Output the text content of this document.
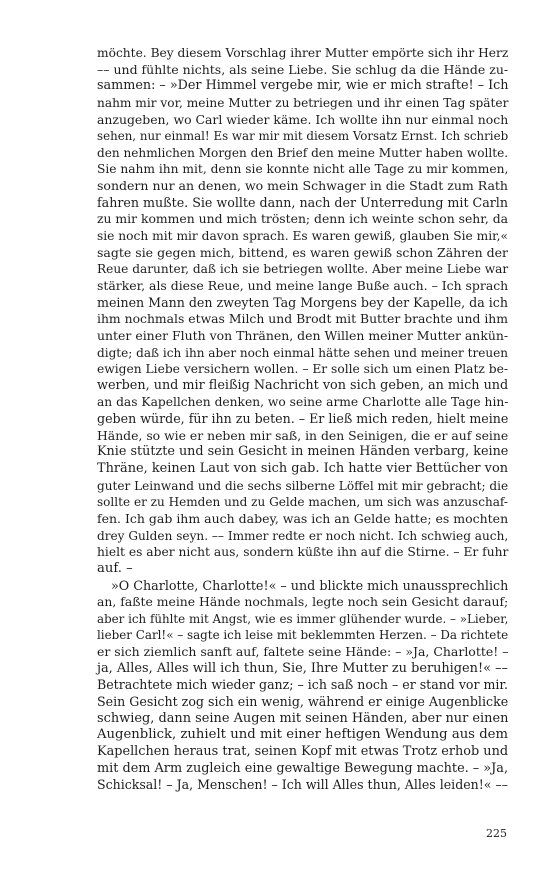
möchte. Bey diesem Vorschlag ihrer Mutter empörte sich ihr Herz
–– und fühlte nichts, als seine Liebe. Sie schlug da die Hände zu-
sammen: – »Der Himmel vergebe mir, wie er mich strafte! – Ich
nahm mir vor, meine Mutter zu betriegen und ihr einen Tag später
anzugeben, wo Carl wieder käme. Ich wollte ihn nur einmal noch
sehen, nur einmal! Es war mir mit diesem Vorsatz Ernst. Ich schrieb
den nehmlichen Morgen den Brief den meine Mutter haben wollte.
Sie nahm ihn mit, denn sie konnte nicht alle Tage zu mir kommen,
sondern nur an denen, wo mein Schwager in die Stadt zum Rath
fahren mußte. Sie wollte dann, nach der Unterredung mit Carln
zu mir kommen und mich trösten; denn ich weinte schon sehr, da
sie noch mit mir davon sprach. Es waren gewiß, glauben Sie mir,«
sagte sie gegen mich, bittend, es waren gewiß schon Zähren der
Reue darunter, daß ich sie betriegen wollte. Aber meine Liebe war
stärker, als diese Reue, und meine lange Buße auch. – Ich sprach
meinen Mann den zweyten Tag Morgens bey der Kapelle, da ich
ihm nochmals etwas Milch und Brodt mit Butter brachte und ihm
unter einer Fluth von Thränen, den Willen meiner Mutter ankün-
digte; daß ich ihn aber noch einmal hätte sehen und meiner treuen
ewigen Liebe versichern wollen. – Er solle sich um einen Platz be-
werben, und mir fleißig Nachricht von sich geben, an mich und
an das Kapellchen denken, wo seine arme Charlotte alle Tage hin-
geben würde, für ihn zu beten. – Er ließ mich reden, hielt meine
Hände, so wie er neben mir saß, in den Seinigen, die er auf seine
Knie stützte und sein Gesicht in meinen Händen verbarg, keine
Thräne, keinen Laut von sich gab. Ich hatte vier Bettücher von
guter Leinwand und die sechs silberne Löffel mit mir gebracht; die
sollte er zu Hemden und zu Gelde machen, um sich was anzuschaf-
fen. Ich gab ihm auch dabey, was ich an Gelde hatte; es mochten
drey Gulden seyn. –– Immer redte er noch nicht. Ich schwieg auch,
hielt es aber nicht aus, sondern küßte ihn auf die Stirne. – Er fuhr
auf. –
»O Charlotte, Charlotte!« – und blickte mich unaussprechlich
an, faßte meine Hände nochmals, legte noch sein Gesicht darauf;
aber ich fühlte mit Angst, wie es immer glühender wurde. – »Lieber,
lieber Carl!« – sagte ich leise mit beklemmten Herzen. – Da richtete
er sich ziemlich sanft auf, faltete seine Hände: – »Ja, Charlotte! –
ja, Alles, Alles will ich thun, Sie, Ihre Mutter zu beruhigen!« ––
Betrachtete mich wieder ganz; – ich saß noch – er stand vor mir.
Sein Gesicht zog sich ein wenig, während er einige Augenblicke
schwieg, dann seine Augen mit seinen Händen, aber nur einen
Augenblick, zuhielt und mit einer heftigen Wendung aus dem
Kapellchen heraus trat, seinen Kopf mit etwas Trotz erhob und
mit dem Arm zugleich eine gewaltige Bewegung machte. – »Ja,
Schicksal! – Ja, Menschen! – Ich will Alles thun, Alles leiden!« ––
225
